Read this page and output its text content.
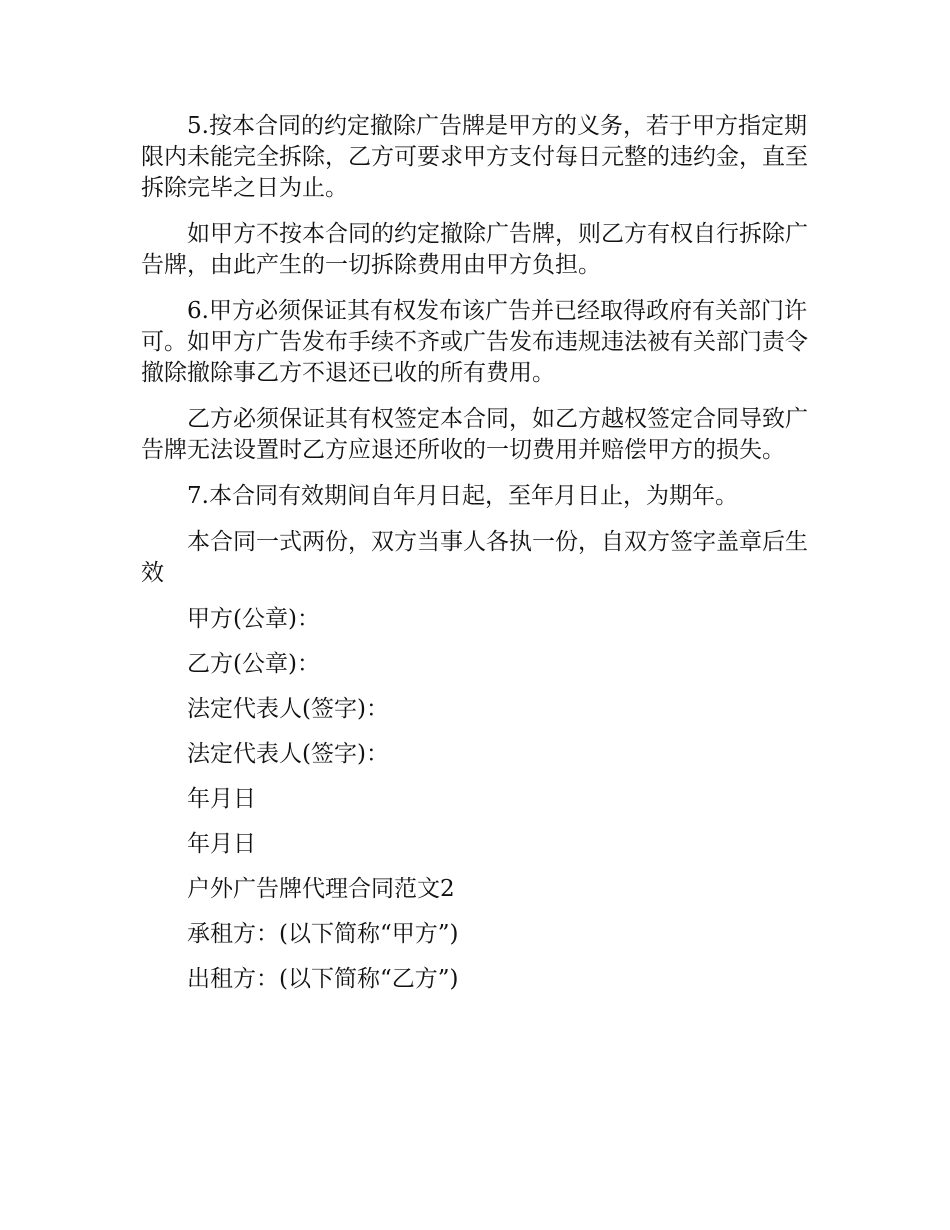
5.按本合同的约定撤除广告牌是甲方的义务，若于甲方指定期限内未能完全拆除，乙方可要求甲方支付每日元整的违约金，直至拆除完毕之日为止。

如甲方不按本合同的约定撤除广告牌，则乙方有权自行拆除广告牌，由此产生的一切拆除费用由甲方负担。

6.甲方必须保证其有权发布该广告并已经取得政府有关部门许可。如甲方广告发布手续不齐或广告发布违规违法被有关部门责令撤除撤除事乙方不退还已收的所有费用。

乙方必须保证其有权签定本合同，如乙方越权签定合同导致广告牌无法设置时乙方应退还所收的一切费用并赔偿甲方的损失。

7.本合同有效期间自年月日起，至年月日止，为期年。

本合同一式两份，双方当事人各执一份，自双方签字盖章后生效

甲方(公章)：

乙方(公章)：

法定代表人(签字)：

法定代表人(签字)：

年月日

年月日

户外广告牌代理合同范文2

承租方：(以下简称“甲方”)

出租方：(以下简称“乙方”)
